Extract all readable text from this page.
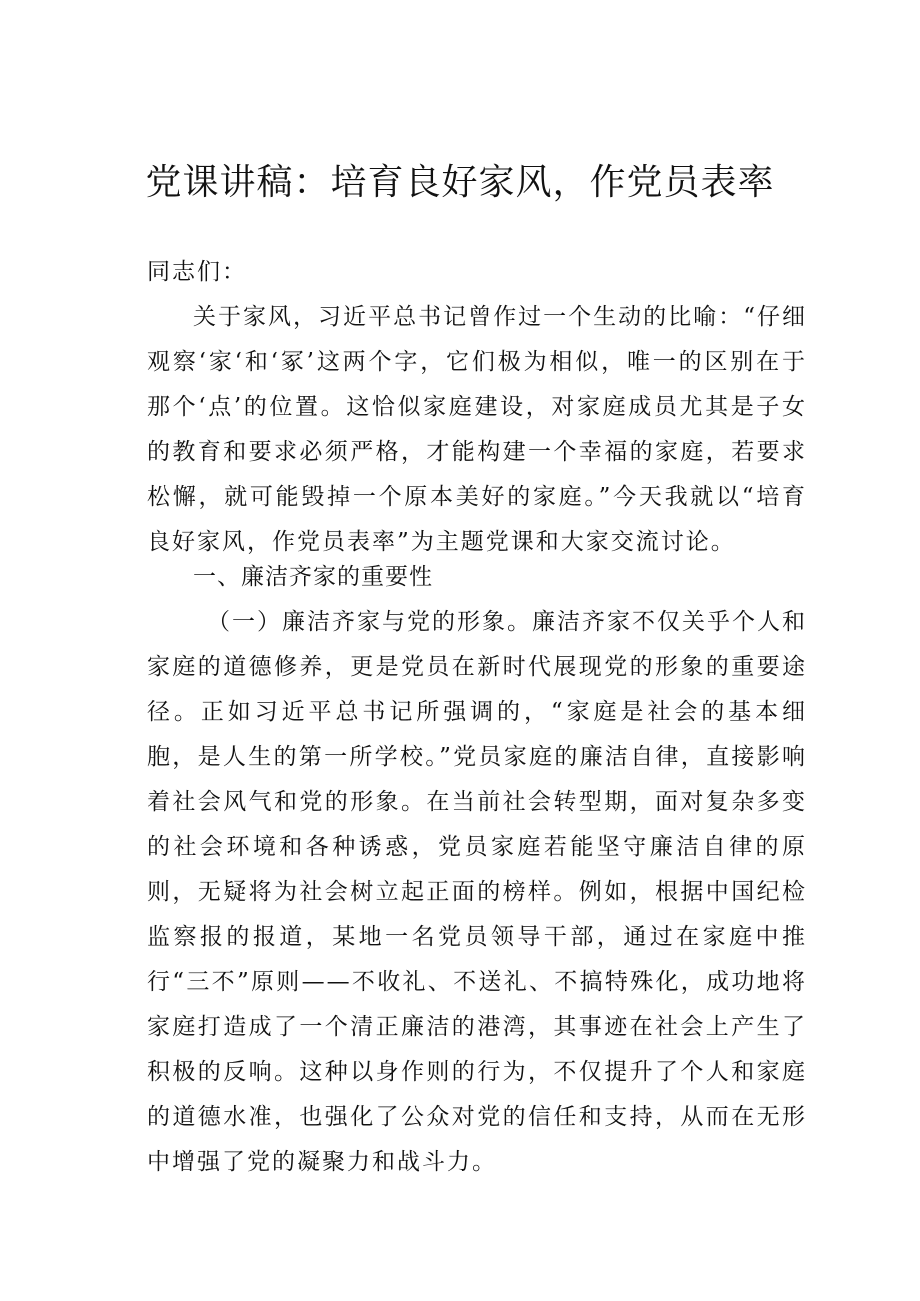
党课讲稿：培育良好家风，作党员表率
同志们：
关于家风，习近平总书记曾作过一个生动的比喻：“仔细观察‘家‘和‘冢’这两个字，它们极为相似，唯一的区别在于那个‘点’的位置。这恰似家庭建设，对家庭成员尤其是子女的教育和要求必须严格，才能构建一个幸福的家庭，若要求松懈，就可能毁掉一个原本美好的家庭。”今天我就以“培育良好家风，作党员表率”为主题党课和大家交流讨论。
一、廉洁齐家的重要性
（一）廉洁齐家与党的形象。廉洁齐家不仅关乎个人和家庭的道德修养，更是党员在新时代展现党的形象的重要途径。正如习近平总书记所强调的，“家庭是社会的基本细胞，是人生的第一所学校。”党员家庭的廉洁自律，直接影响着社会风气和党的形象。在当前社会转型期，面对复杂多变的社会环境和各种诱惑，党员家庭若能坚守廉洁自律的原则，无疑将为社会树立起正面的榜样。例如，根据中国纪检监察报的报道，某地一名党员领导干部，通过在家庭中推行“三不”原则——不收礼、不送礼、不搞特殊化，成功地将家庭打造成了一个清正廉洁的港湾，其事迹在社会上产生了积极的反响。这种以身作则的行为，不仅提升了个人和家庭的道德水准，也强化了公众对党的信任和支持，从而在无形中增强了党的凝聚力和战斗力。
